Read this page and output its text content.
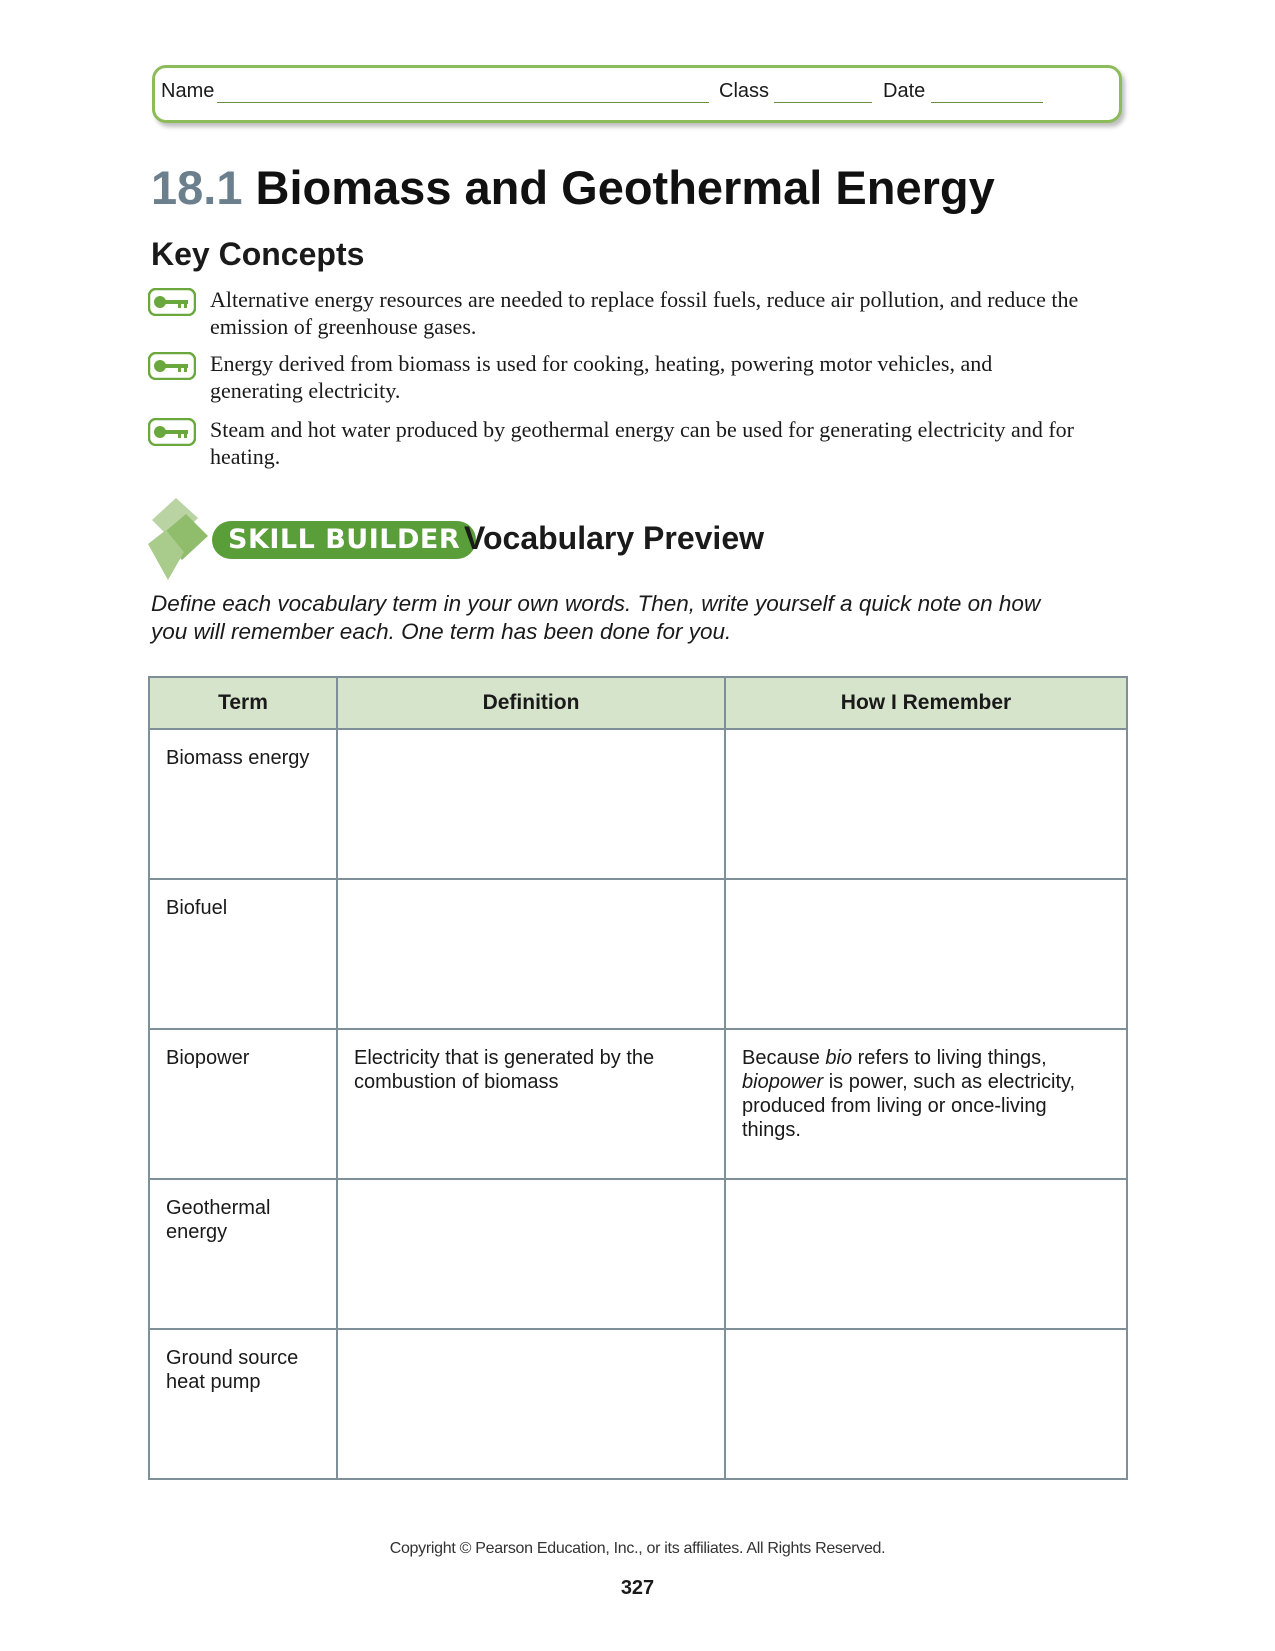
Name	Class	Date
18.1 Biomass and Geothermal Energy
Key Concepts
Alternative energy resources are needed to replace fossil fuels, reduce air pollution, and reduce the emission of greenhouse gases.
Energy derived from biomass is used for cooking, heating, powering motor vehicles, and generating electricity.
Steam and hot water produced by geothermal energy can be used for generating electricity and for heating.
SKILL BUILDER Vocabulary Preview

Define each vocabulary term in your own words. Then, write yourself a quick note on how you will remember each. One term has been done for you.

Term	Definition	How I Remember
Biomass energy		
Biofuel		
Biopower	Electricity that is generated by the combustion of biomass	Because bio refers to living things, biopower is power, such as electricity, produced from living or once-living things.
Geothermal energy		
Ground source heat pump		
Copyright © Pearson Education, Inc., or its affiliates. All Rights Reserved.
327
